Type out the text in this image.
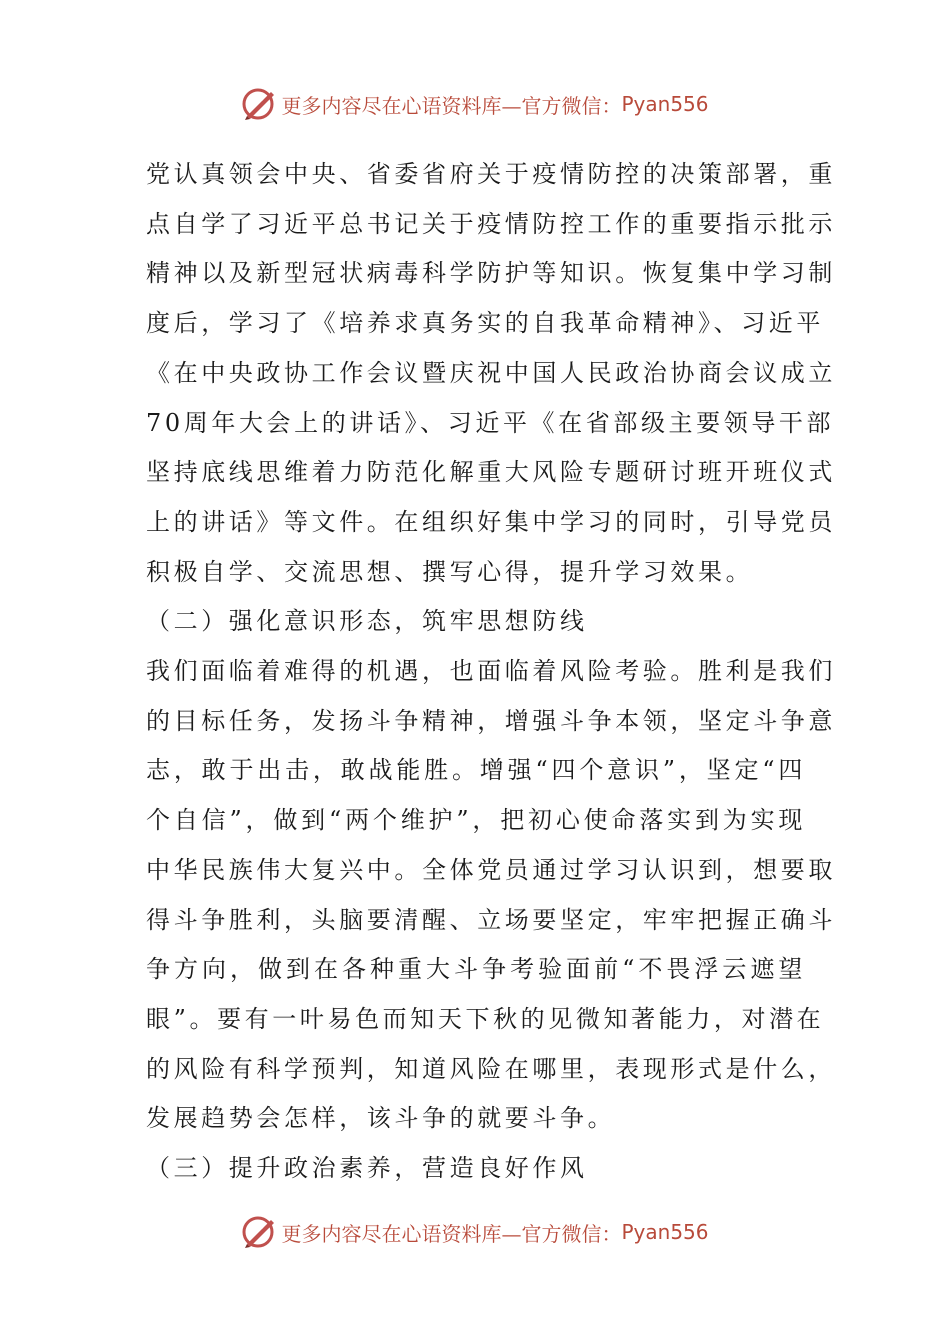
更多内容尽在心语资料库—官方微信： Pyan556

党认真领会中央、省委省府关于疫情防控的决策部署，重
点自学了习近平总书记关于疫情防控工作的重要指示批示
精神以及新型冠状病毒科学防护等知识。恢复集中学习制
度后，学习了《培养求真务实的自我革命精神》、习近平
《在中央政协工作会议暨庆祝中国人民政治协商会议成立
70周年大会上的讲话》、习近平《在省部级主要领导干部
坚持底线思维着力防范化解重大风险专题研讨班开班仪式
上的讲话》等文件。在组织好集中学习的同时，引导党员
积极自学、交流思想、撰写心得，提升学习效果。

（二）强化意识形态，筑牢思想防线

我们面临着难得的机遇，也面临着风险考验。胜利是我们
的目标任务，发扬斗争精神，增强斗争本领，坚定斗争意
志，敢于出击，敢战能胜。增强“四个意识”，坚定“四
个自信”，做到“两个维护”，把初心使命落实到为实现
中华民族伟大复兴中。全体党员通过学习认识到，想要取
得斗争胜利，头脑要清醒、立场要坚定，牢牢把握正确斗
争方向，做到在各种重大斗争考验面前“不畏浮云遮望
眼”。要有一叶易色而知天下秋的见微知著能力，对潜在
的风险有科学预判，知道风险在哪里，表现形式是什么，
发展趋势会怎样，该斗争的就要斗争。

（三）提升政治素养，营造良好作风

更多内容尽在心语资料库—官方微信： Pyan556
